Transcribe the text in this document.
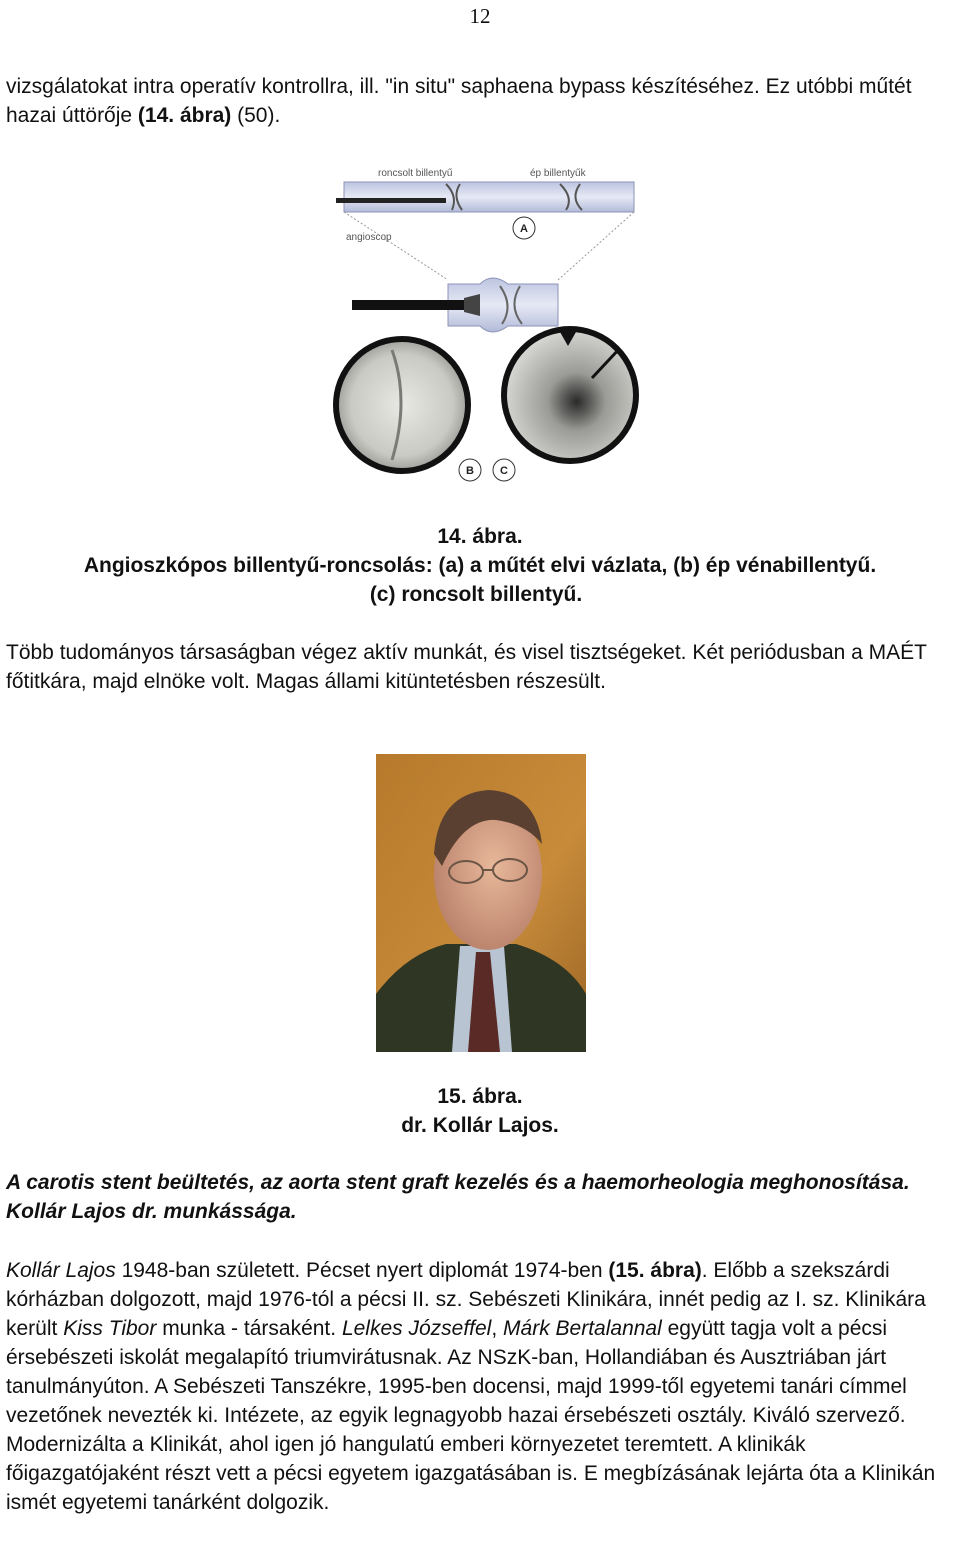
12

vizsgálatokat intra operatív kontrollra, ill. "in situ" saphaena bypass készítéséhez. Ez utóbbi műtét hazai úttörője (14. ábra) (50).

roncsolt billentyű	ép billentyűk
angioscop
A
B C

14. ábra.

Angioszkópos billentyű-roncsolás: (a) a műtét elvi vázlata, (b) ép vénabillentyű.

(c) roncsolt billentyű.

Több tudományos társaságban végez aktív munkát, és visel tisztségeket. Két periódusban a MAÉT főtitkára, majd elnöke volt. Magas állami kitüntetésben részesült.

15. ábra.

dr. Kollár Lajos.

A carotis stent beültetés, az aorta stent graft kezelés és a haemorheologia meghonosítása. Kollár Lajos dr. munkássága.

Kollár Lajos 1948-ban született. Pécset nyert diplomát 1974-ben (15. ábra). Előbb a szekszárdi kórházban dolgozott, majd 1976-tól a pécsi II. sz. Sebészeti Klinikára, innét pedig az I. sz. Klinikára került Kiss Tibor munka - társaként. Lelkes Józseffel, Márk Bertalannal együtt tagja volt a pécsi érsebészeti iskolát megalapító triumvirátusnak. Az NSzK-ban, Hollandiában és Ausztriában járt tanulmányúton. A Sebészeti Tanszékre, 1995-ben docensi, majd 1999-től egyetemi tanári címmel vezetőnek nevezték ki. Intézete, az egyik legnagyobb hazai érsebészeti osztály. Kiváló szervező. Modernizálta a Klinikát, ahol igen jó hangulatú emberi környezetet teremtett. A klinikák főigazgatójaként részt vett a pécsi egyetem igazgatásában is. E megbízásának lejárta óta a Klinikán ismét egyetemi tanárként dolgozik.
